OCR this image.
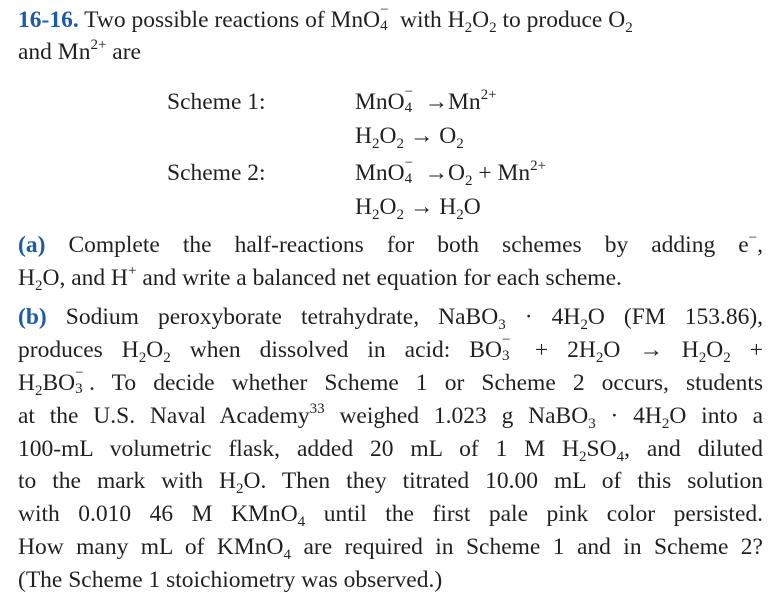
16-16. Two possible reactions of MnO −
4 with $H_2O_2$ to produce $O_2$
and $Mn^{2+}$ are
Scheme 1:	MnO −
$4 \to Mn^{2+}$
$H_2O_2 \to O_2$
Scheme 2:	MnO −
$4 \to O_2 + Mn^{2+}$
$H_2O_2 \to H_2O$
(a) Complete the half-reactions for both schemes by adding e−,
$H_2O$, and H+ and write a balanced net equation for each scheme.
(b) Sodium peroxyborate tetrahydrate, NaBO$_3$ · $4H_2O$ (FM 153.86),
produces $H_2O_2$ when dissolved in acid: BO −
$3 + 2H_2O \to H_2O_2$ +
$H_2BO$ −
3 . To decide whether Scheme 1 or Scheme 2 occurs, students
at the U.S. Naval Academy$^{33}$ weighed 1.023 g NaBO$_3$ · $4H_2O$ into a
100-mL volumetric flask, added 20 mL of 1 M $H_2SO_4$, and diluted
to the mark with $H_2O$. Then they titrated 10.00 mL of this solution
with 0.010 46 M KMnO$_4$ until the first pale pink color persisted.
How many mL of KMnO$_4$ are required in Scheme 1 and in Scheme 2?
(The Scheme 1 stoichiometry was observed.)
